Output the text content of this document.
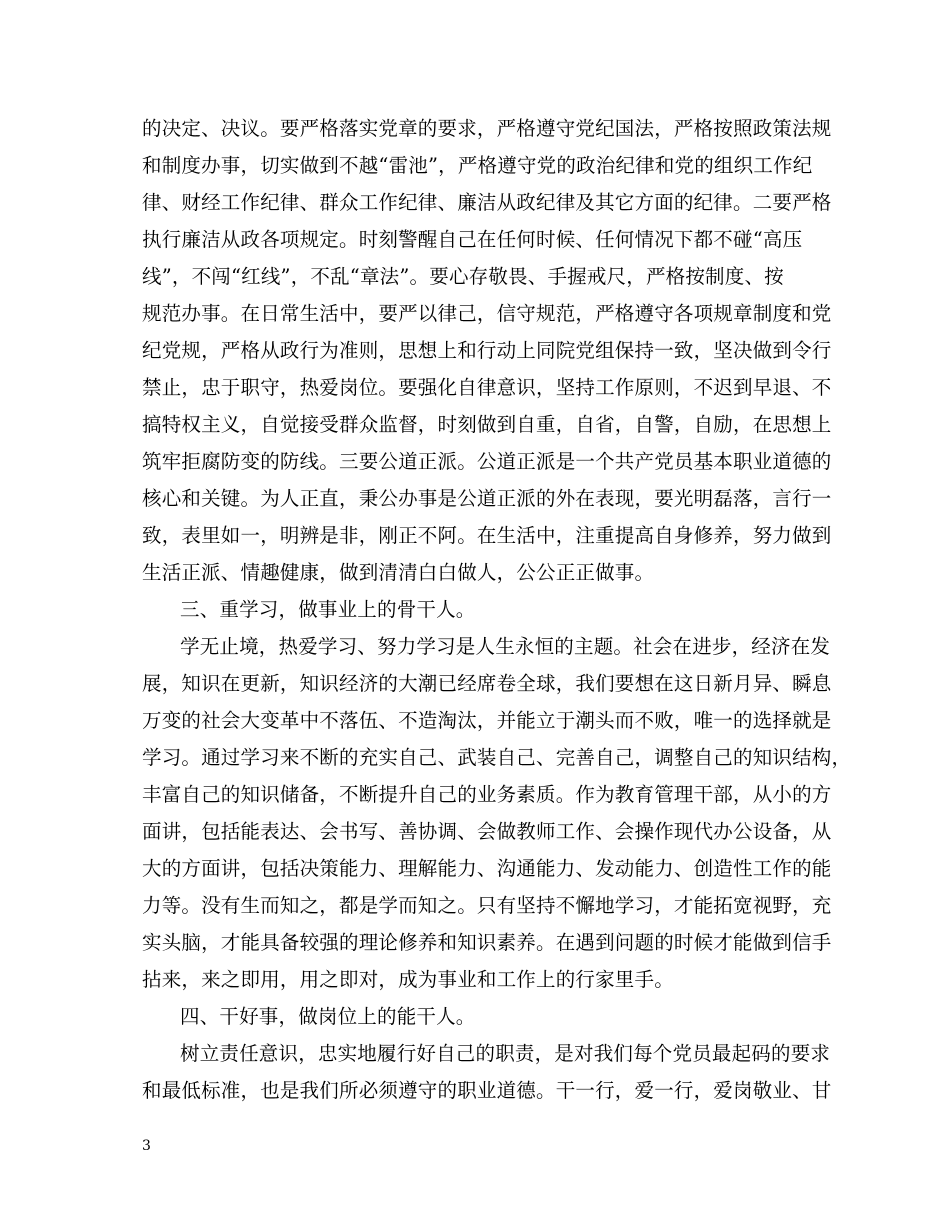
的决定、决议。要严格落实党章的要求，严格遵守党纪国法，严格按照政策法规
和制度办事，切实做到不越“雷池”，严格遵守党的政治纪律和党的组织工作纪
律、财经工作纪律、群众工作纪律、廉洁从政纪律及其它方面的纪律。二要严格
执行廉洁从政各项规定。时刻警醒自己在任何时候、任何情况下都不碰“高压
线”，不闯“红线”，不乱“章法”。要心存敬畏、手握戒尺，严格按制度、按
规范办事。在日常生活中，要严以律己，信守规范，严格遵守各项规章制度和党
纪党规，严格从政行为准则，思想上和行动上同院党组保持一致，坚决做到令行
禁止，忠于职守，热爱岗位。要强化自律意识，坚持工作原则，不迟到早退、不
搞特权主义，自觉接受群众监督，时刻做到自重，自省，自警，自励，在思想上
筑牢拒腐防变的防线。三要公道正派。公道正派是一个共产党员基本职业道德的
核心和关键。为人正直，秉公办事是公道正派的外在表现，要光明磊落，言行一
致，表里如一，明辨是非，刚正不阿。在生活中，注重提高自身修养，努力做到
生活正派、情趣健康，做到清清白白做人，公公正正做事。
三、重学习，做事业上的骨干人。
学无止境，热爱学习、努力学习是人生永恒的主题。社会在进步，经济在发
展，知识在更新，知识经济的大潮已经席卷全球，我们要想在这日新月异、瞬息
万变的社会大变革中不落伍、不造淘汰，并能立于潮头而不败，唯一的选择就是
学习。通过学习来不断的充实自己、武装自己、完善自己，调整自己的知识结构，
丰富自己的知识储备，不断提升自己的业务素质。作为教育管理干部，从小的方
面讲，包括能表达、会书写、善协调、会做教师工作、会操作现代办公设备，从
大的方面讲，包括决策能力、理解能力、沟通能力、发动能力、创造性工作的能
力等。没有生而知之，都是学而知之。只有坚持不懈地学习，才能拓宽视野，充
实头脑，才能具备较强的理论修养和知识素养。在遇到问题的时候才能做到信手
拈来，来之即用，用之即对，成为事业和工作上的行家里手。
四、干好事，做岗位上的能干人。
树立责任意识，忠实地履行好自己的职责，是对我们每个党员最起码的要求
和最低标准，也是我们所必须遵守的职业道德。干一行，爱一行，爱岗敬业、甘
3
